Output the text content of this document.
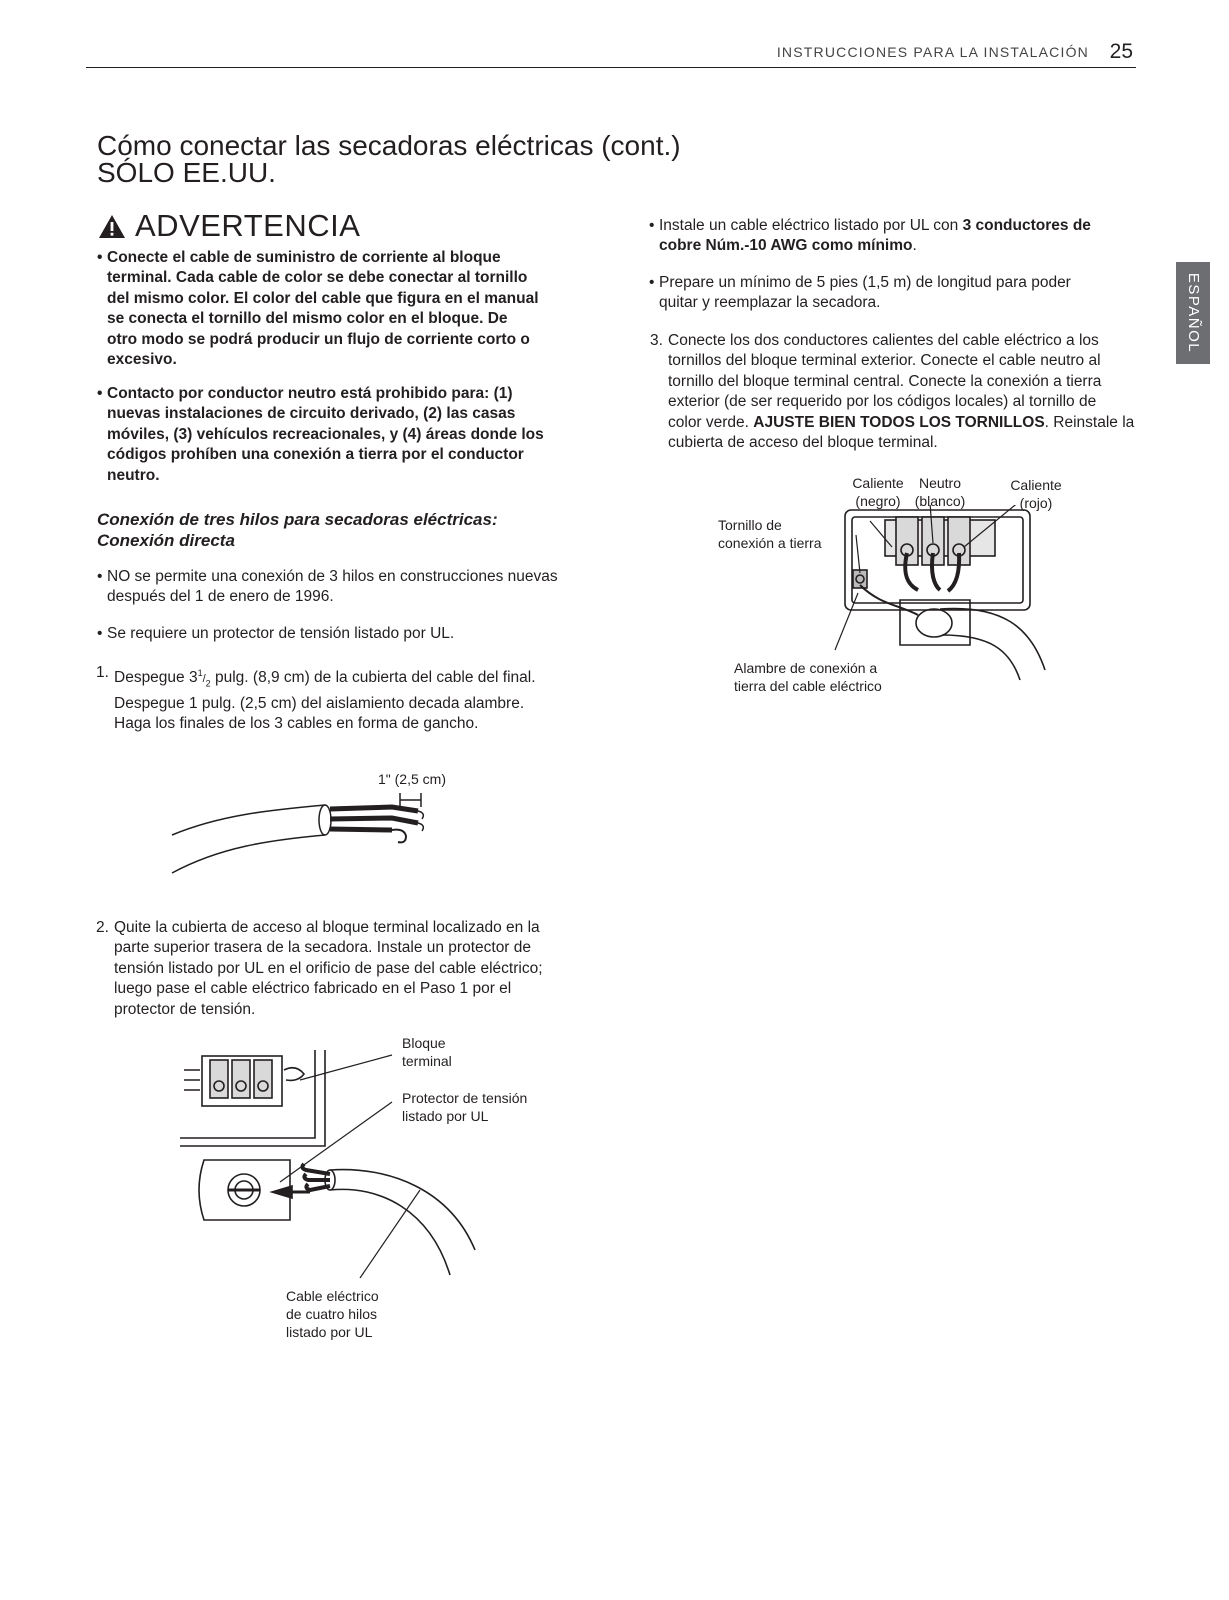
INSTRUCCIONES PARA LA INSTALACIÓN 25
ESPAÑOL
Cómo conectar las secadoras eléctricas (cont.)
SÓLO EE.UU.
ADVERTENCIA
• Conecte el cable de suministro de corriente al bloque
terminal. Cada cable de color se debe conectar al tornillo
del mismo color. El color del cable que figura en el manual
se conecta el tornillo del mismo color en el bloque. De
otro modo se podrá producir un flujo de corriente corto o
excesivo.
• Contacto por conductor neutro está prohibido para: (1)
nuevas instalaciones de circuito derivado, (2) las casas
móviles, (3) vehículos recreacionales, y (4) áreas donde los
códigos prohíben una conexión a tierra por el conductor
neutro.
Conexión de tres hilos para secadoras eléctricas:
Conexión directa
• NO se permite una conexión de 3 hilos en construcciones nuevas
después del 1 de enero de 1996.
• Se requiere un protector de tensión listado por UL.
1. Despegue $3^1/_2$ pulg. (8,9 cm) de la cubierta del cable del final.
Despegue 1 pulg. (2,5 cm) del aislamiento decada alambre.
Haga los finales de los 3 cables en forma de gancho.
1" (2,5 cm)
2. Quite la cubierta de acceso al bloque terminal localizado en la
parte superior trasera de la secadora. Instale un protector de
tensión listado por UL en el orificio de pase del cable eléctrico;
luego pase el cable eléctrico fabricado en el Paso 1 por el
protector de tensión.
Bloque
terminal
Protector de tensión
listado por UL
Cable eléctrico
de cuatro hilos
listado por UL
• Instale un cable eléctrico listado por UL con 3 conductores de
cobre Núm.-10 AWG como mínimo.
• Prepare un mínimo de 5 pies (1,5 m) de longitud para poder
quitar y reemplazar la secadora.
3. Conecte los dos conductores calientes del cable eléctrico a los
tornillos del bloque terminal exterior. Conecte el cable neutro al
tornillo del bloque terminal central. Conecte la conexión a tierra
exterior (de ser requerido por los códigos locales) al tornillo de
color verde. AJUSTE BIEN TODOS LOS TORNILLOS. Reinstale la
cubierta de acceso del bloque terminal.
Caliente
(negro)
Neutro
(blanco)
Caliente
(rojo)
Tornillo de
conexión a tierra
Alambre de conexión a
tierra del cable eléctrico
